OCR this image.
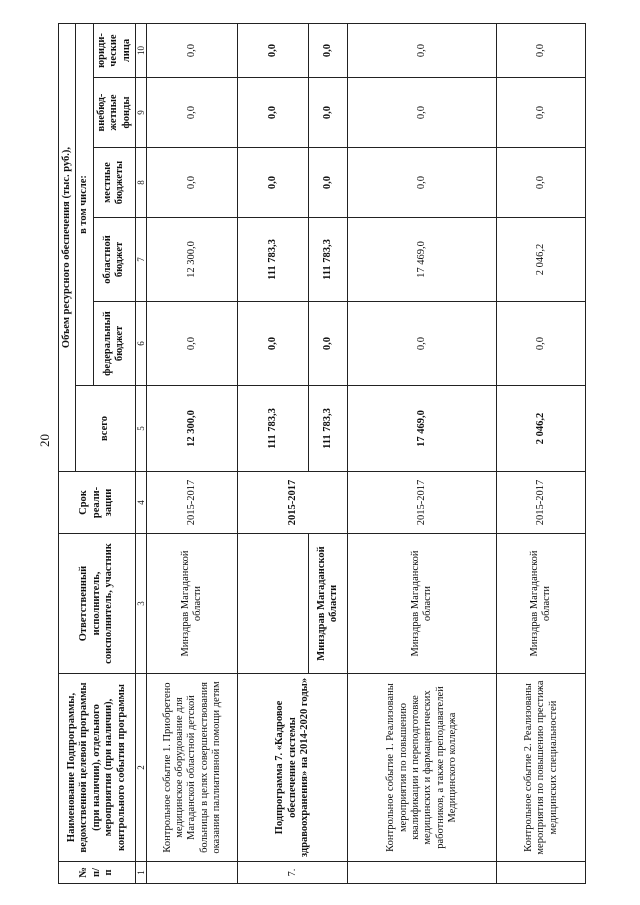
20
№ п/п	Наименование Подпрограммы, ведомственной целевой программы (при наличии), отдельного мероприятия (при наличии), контрольного события программы	Ответственный исполнитель, соисполнитель, участник	Срок реали-зации	Объем ресурсного обеспечения (тыс. руб.),					
				всего	в том числе:				
					федеральный бюджет	областной бюджет	местные бюджеты	внебюд-жетные фонды	юриди-ческие лица
1	2	3	4	5	6	7	8	9	10
	Контрольное событие 1. Приобретено медицинское оборудование для Магаданской областной детской больницы в целях совершенствования оказания паллиативной помощи детям	Минздрав Магаданской области	2015-2017	12 300,0	0,0	12 300,0	0,0	0,0	0,0
7.	Подпрограмма 7. «Кадровое обеспечение системы здравоохранения» на 2014-2020 годы»		2015-2017	111 783,3	0,0	111 783,3	0,0	0,0	0,0
		Минздрав Магаданской области		111 783,3	0,0	111 783,3	0,0	0,0	0,0
	Контрольное событие 1. Реализованы мероприятия по повышению квалификации и переподготовке медицинских и фармацевтических работников, а также преподавателей Медицинского колледжа	Минздрав Магаданской области	2015-2017	17 469,0	0,0	17 469,0	0,0	0,0	0,0
	Контрольное событие 2. Реализованы мероприятия по повышению престижа медицинских специальностей	Минздрав Магаданской области	2015-2017	2 046,2	0,0	2 046,2	0,0	0,0	0,0
